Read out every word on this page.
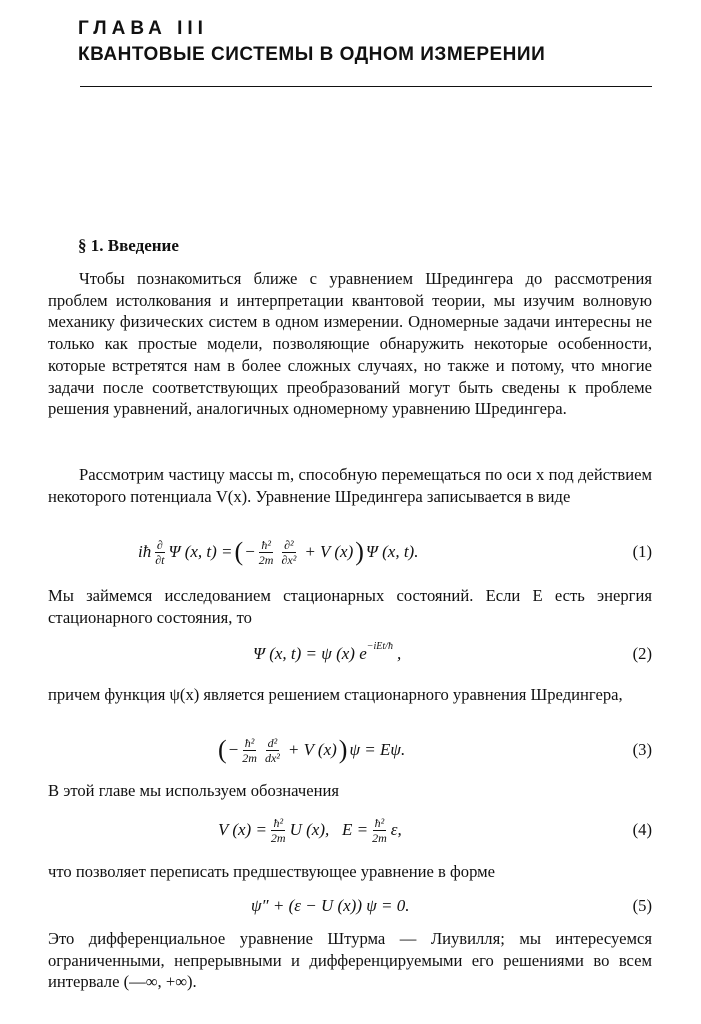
ГЛАВА III
КВАНТОВЫЕ СИСТЕМЫ В ОДНОМ ИЗМЕРЕНИИ
§ 1. Введение

Чтобы познакомиться ближе с уравнением Шредингера до рассмотрения проблем истолкования и интерпретации квантовой теории, мы изучим волновую механику физических систем в одном измерении. Одномерные задачи интересны не только как простые модели, позволяющие обнаружить некоторые особенности, которые встретятся нам в более сложных случаях, но также и потому, что многие задачи после соответствующих преобразований могут быть сведены к проблеме решения уравнений, аналогичных одномерному уравнению Шредингера.

Рассмотрим частицу массы m, способную перемещаться по оси x под действием некоторого потенциала V(x). Уравнение Шредингера записывается в виде

iħ $\frac{\partial}{\partial t}$ Ψ (x, t) = ( − $\frac{\text{ħ²}}{2m} \frac{\text{∂²}}{\text{∂x²}} + V$ (x) ) Ψ (x, t).	(1)

Мы займемся исследованием стационарных состояний. Если E есть энергия стационарного состояния, то

Ψ (x, t) = ψ (x) e −iEt/ħ ,	(2)

причем функция ψ(x) является решением стационарного уравнения Шредингера,

( − $\frac{\text{ħ²}}{2m} \frac{\text{d²}}{\text{dx²}} + V$ (x) ) ψ = Eψ.	(3)

В этой главе мы используем обозначения

V $(x) = \frac{\text{ħ²}}{2m}$ U (x),   $E = \frac{\text{ħ²}}{2m} \varepsilon$,	(4)

что позволяет переписать предшествующее уравнение в форме

ψ″ + (ε − U (x)) ψ = 0.	(5)

Это дифференциальное уравнение Штурма — Лиувилля; мы интересуемся ограниченными, непрерывными и дифференцируемыми его решениями во всем интервале (—∞, +∞).
